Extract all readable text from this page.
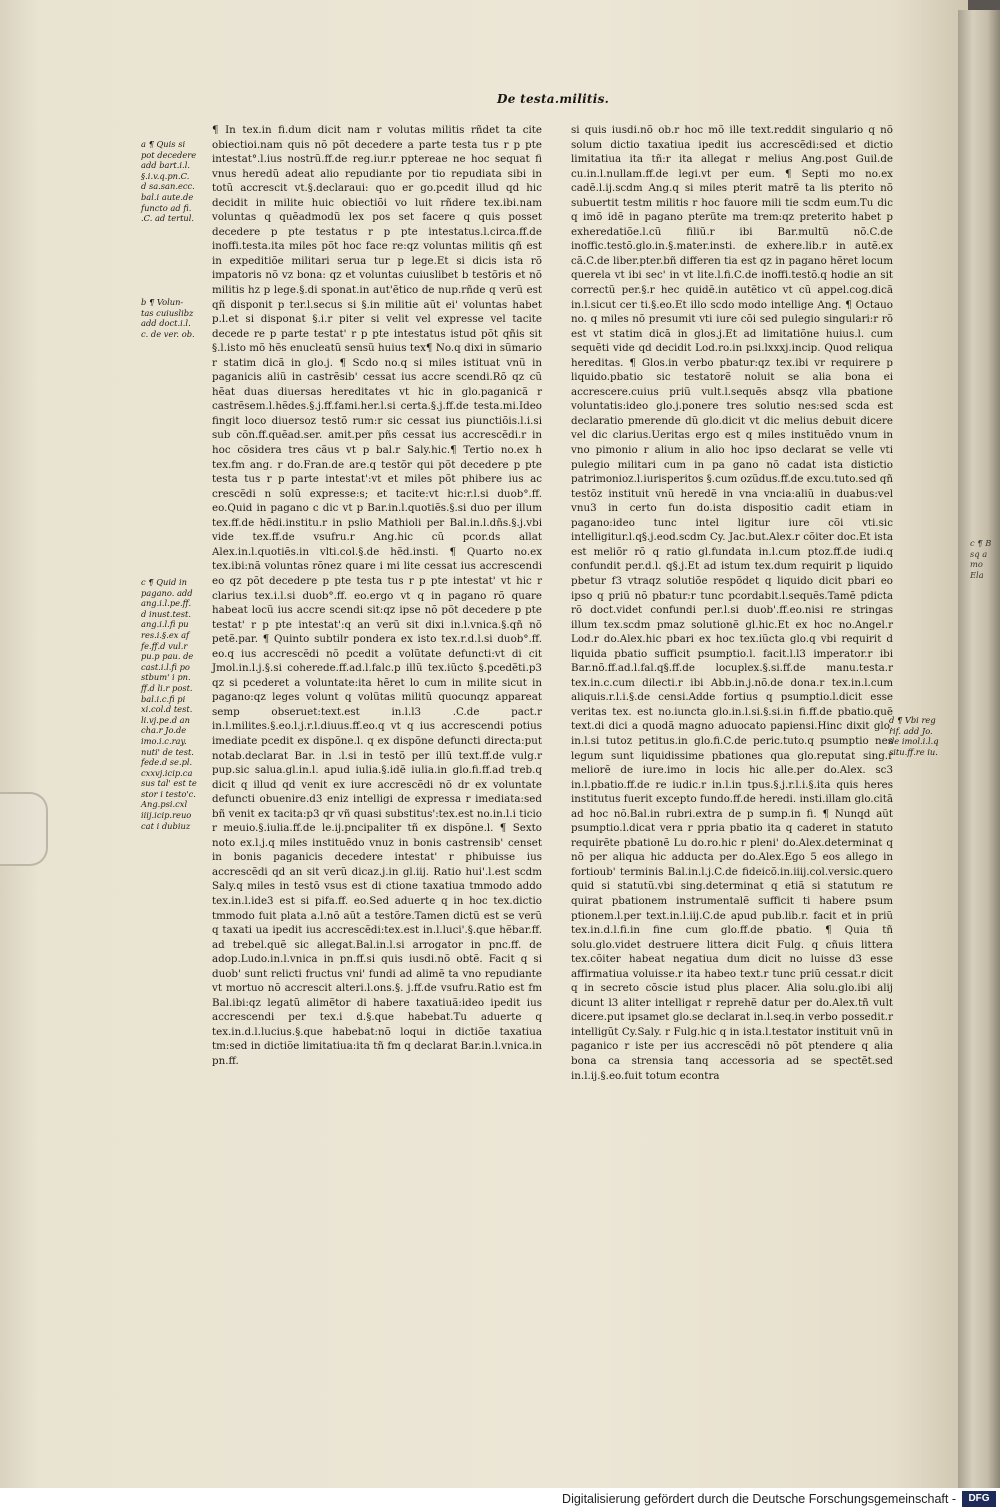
De testa.militis.
a ¶ Quis si
pot decedere
add bart.i.l.
§.i.v.q.pn.C.
d sa.san.ecc.
bal.i aute.de
functo ad fi.
.C. ad tertul.
b ¶ Volun-
tas cuiuslibz
add doct.i.l.
c. de ver. ob.
c ¶ Quid in
pagano. add
ang.i.l.pe.ff.
d inust.test.
ang.i.l.fi pu
res.i.§.ex af
fe.ff.d vul.r
pu.p pau. de
cast.i.l.fi po
stbum' i pn.
ff.d li.r post.
bal.i.c.fi pi
xi.col.d test.
li.vj.pe.d an
cha.r Jo.de
imo.i.c.ray.
nuti' de test.
fede.d se.pl.
cxxvj.icip.ca
sus tal' est te
stor i testo'c.
Ang.psi.cxl
iiij.icip.reuo
cat i dubiuz
d ¶ Vbi reg
rif. add Jo.
de imol.i.l.q
situ.ff.re iu.
c ¶ B
sq a
mo
Ela

¶ In tex.in fi.dum dicit nam r volutas militis rñdet ta cite obiectioi.nam quis nõ põt decedere a parte testa tus r p pte intestat°.l.ius nostrũ.ff.de reg.iur.r pptereae ne hoc sequat fi vnus heredũ adeat alio repudiante por tio repudiata sibi in totũ accrescit vt.§.declaraui: quo er go.pcedit illud qd hic decidit in milite huic obiectiõi vo luit rñdere tex.ibi.nam voluntas q quẽadmodũ lex pos set facere q quis posset decedere p pte testatus r p pte intestatus.l.circa.ff.de inoffi.testa.ita miles põt hoc face re:qz voluntas militis qñ est in expeditiõe militari serua tur p lege.Et si dicis ista rõ impatoris nõ vz bona: qz et voluntas cuiuslibet b testõris et nõ militis hz p lege.§.di sponat.in aut'ẽtico de nup.rñde q verũ est qñ disponit p ter.l.secus si §.in militie aũt ei' voluntas habet p.l.et si disponat §.i.r piter si velit vel expresse vel tacite decede re p parte testat' r p pte intestatus istud põt qñis sit §.l.isto mõ hẽs enucleatũ sensũ huius tex¶ No.q dixi in sũmario r statim dicã in glo.j. ¶ Scdo no.q si miles istituat vnũ in paganicis aliũ in castrẽsib' cessat ius accre scendi.Rõ qz cũ hẽat duas diuersas hereditates vt hic in glo.paganicã r castrẽsem.l.hẽdes.§.j.ff.fami.her.l.si certa.§.j.ff.de testa.mi.Ideo fingit loco diuersoz testõ rum:r sic cessat ius piunctiõis.l.i.si sub cõn.ff.quẽad.ser. amit.per pñs cessat ius accrescẽdi.r in hoc cõsidera tres cãus vt p bal.r Saly.hic.¶ Tertio no.ex h tex.fm ang. r do.Fran.de are.q testõr qui põt decedere p pte testa tus r p parte intestat':vt et miles põt phibere ius ac crescẽdi n solũ expresse:s; et tacite:vt hic:r.l.si duob°.ff. eo.Quid in pagano c dic vt p Bar.in.l.quotiẽs.§.si duo per illum tex.ff.de hẽdi.institu.r in pslio Mathioli per Bal.in.l.dñs.§.j.vbi vide tex.ff.de vsufru.r Ang.hic cũ pcor.ds allat Alex.in.l.quotiẽs.in vlti.col.§.de hẽd.insti. ¶ Quarto no.ex tex.ibi:nã voluntas rõnez quare i mi lite cessat ius accrescendi eo qz põt decedere p pte testa tus r p pte intestat' vt hic r clarius tex.i.l.si duob°.ff. eo.ergo vt q in pagano rõ quare habeat locũ ius accre scendi sit:qz ipse nõ põt decedere p pte testat' r p pte intestat':q an verũ sit dixi in.l.vnica.§.qñ nõ petẽ.par. ¶ Quinto subtilr pondera ex isto tex.r.d.l.si duob°.ff. eo.q ius accrescẽdi nõ pcedit a volũtate defuncti:vt di cit Jmol.in.l.j.§.si coherede.ff.ad.l.falc.p illũ tex.iũcto §.pcedẽti.p3 qz si pcederet a voluntate:ita hẽret lo cum in milite sicut in pagano:qz leges volunt q volũtas militũ quocunqz appareat semp obseruet:text.est in.l.l3 .C.de pact.r in.l.milites.§.eo.l.j.r.l.diuus.ff.eo.q vt q ius accrescendi potius imediate pcedit ex dispõne.l. q ex dispõne defuncti directa:put notab.declarat Bar. in .l.si in testõ per illũ text.ff.de vulg.r pup.sic salua.gl.in.l. apud iulia.§.idẽ iulia.in glo.fi.ff.ad treb.q dicit q illud qd venit ex iure accrescẽdi nõ dr ex voluntate defuncti obuenire.d3 eniz intelligi de expressa r imediata:sed bñ venit ex tacita:p3 qr vñ quasi substitus':tex.est no.in.l.i ticio r meuio.§.iulia.ff.de le.ij.pncipaliter tñ ex dispõne.l. ¶ Sexto noto ex.l.j.q miles instituẽdo vnuz in bonis castrensib' censet in bonis paganicis decedere intestat' r phibuisse ius accrescẽdi qd an sit verũ dicaz.j.in gl.iij. Ratio hui'.l.est scdm Saly.q miles in testõ vsus est di ctione taxatiua tmmodo addo tex.in.l.ide3 est si pifa.ff. eo.Sed aduerte q in hoc tex.dictio tmmodo fuit plata a.l.nõ aũt a testõre.Tamen dictũ est se verũ q taxati ua ipedit ius accrescẽdi:tex.est in.l.luci'.§.que hẽbar.ff. ad trebel.quẽ sic allegat.Bal.in.l.si arrogator in pnc.ff. de adop.Ludo.in.l.vnica in pn.ff.si quis iusdi.nõ obtẽ. Facit q si duob' sunt relicti fructus vni' fundi ad alimẽ ta vno repudiante vt mortuo nõ accrescit alteri.l.ons.§. j.ff.de vsufru.Ratio est fm Bal.ibi:qz legatũ alimẽtor di habere taxatiuã:ideo ipedit ius accrescendi per tex.i d.§.que habebat.Tu aduerte q tex.in.d.l.lucius.§.que habebat:nõ loqui in dictiõe taxatiua tm:sed in dictiõe limitatiua:ita tñ fm q declarat Bar.in.l.vnica.in pn.ff.

si quis iusdi.nõ ob.r hoc mõ ille text.reddit singulario q nõ solum dictio taxatiua ipedit ius accrescẽdi:sed et dictio limitatiua ita tñ:r ita allegat r melius Ang.post Guil.de cu.in.l.nullam.ff.de legi.vt per eum. ¶ Septi mo no.ex cadẽ.l.ij.scdm Ang.q si miles pterit matrẽ ta lis pterito nõ subuertit testm militis r hoc fauore mili tie scdm eum.Tu dic q imõ idẽ in pagano pterũte ma trem:qz preterito habet p exheredatiõe.l.cũ filiũ.r ibi Bar.multũ nõ.C.de inoffic.testõ.glo.in.§.mater.insti. de exhere.lib.r in autẽ.ex cã.C.de liber.pter.bñ differen tia est qz in pagano hẽret locum querela vt ibi sec' in vt lite.l.fi.C.de inoffi.testõ.q hodie an sit correctũ per.§.r hec quidẽ.in autẽtico vt cũ appel.cog.dicã in.l.sicut cer ti.§.eo.Et illo scdo modo intellige Ang. ¶ Octauo no. q miles nõ presumit vti iure cõi sed pulegio singulari:r rõ est vt statim dicã in glos.j.Et ad limitatiõne huius.l. cum sequẽti vide qd decidit Lod.ro.in psi.lxxxj.incip. Quod reliqua hereditas. ¶ Glos.in verbo pbatur:qz tex.ibi vr requirere p liquido.pbatio sic testatorẽ noluit se alia bona ei accrescere.cuius priũ vult.l.sequẽs absqz vlla pbatione voluntatis:ideo glo.j.ponere tres solutio nes:sed scda est declaratio pmerende dũ glo.dicit vt dic melius debuit dicere vel dic clarius.Ueritas ergo est q miles instituẽdo vnum in vno pimonio r alium in alio hoc ipso declarat se velle vti pulegio militari cum in pa gano nõ cadat ista distictio patrimonioz.l.iurisperitos §.cum ozũdus.ff.de excu.tuto.sed qñ testõz instituit vnũ heredẽ in vna vncia:aliũ in duabus:vel vnu3 in certo fun do.ista dispositio cadit etiam in pagano:ideo tunc intel ligitur iure cõi vti.sic intelligitur.l.q§.j.eod.scdm Cy. Jac.but.Alex.r cõiter doc.Et ista est meliõr rõ q ratio gl.fundata in.l.cum ptoz.ff.de iudi.q confundit per.d.l. q§.j.Et ad istum tex.dum requirit p liquido pbetur f3 vtraqz solutiõe respõdet q liquido dicit pbari eo ipso q priũ nõ pbatur:r tunc pcordabit.l.sequẽs.Tamẽ pdicta rõ doct.videt confundi per.l.si duob'.ff.eo.nisi re stringas illum tex.scdm pmaz solutionẽ gl.hic.Et ex hoc no.Angel.r Lod.r do.Alex.hic pbari ex hoc tex.iũcta glo.q vbi requirit d liquida pbatio sufficit psumptio.l. facit.l.l3 imperator.r ibi Bar.nõ.ff.ad.l.fal.q§.ff.de locuplex.§.si.ff.de manu.testa.r tex.in.c.cum dilecti.r ibi Abb.in.j.nõ.de dona.r tex.in.l.cum aliquis.r.l.i.§.de censi.Adde fortius q psumptio.l.dicit esse veritas tex. est no.iuncta glo.in.l.si.§.si.in fi.ff.de pbatio.quẽ text.di dici a quodã magno aduocato papiensi.Hinc dixit glo. in.l.si tutoz petitus.in glo.fi.C.de peric.tuto.q psumptio nes legum sunt liquidissime pbationes qua glo.reputat sing.r meliorẽ de iure.imo in locis hic alle.per do.Alex. sc3 in.l.pbatio.ff.de re iudic.r in.l.in tpus.§.j.r.l.i.§.ita quis heres institutus fuerit excepto fundo.ff.de heredi. insti.illam glo.citã ad hoc nõ.Bal.in rubri.extra de p sump.in fi. ¶ Nunqd aũt psumptio.l.dicat vera r ppria pbatio ita q caderet in statuto requirẽte pbationẽ Lu do.ro.hic r pleni' do.Alex.determinat q nõ per aliqua hic adducta per do.Alex.Ego 5 eos allego in fortioub' terminis Bal.in.l.j.C.de fideicõ.in.iiij.col.versic.quero quid si statutũ.vbi sing.determinat q etiã si statutum re quirat pbationem instrumentalẽ sufficit ti habere psum ptionem.l.per text.in.l.iij.C.de apud pub.lib.r. facit et in priũ tex.in.d.l.fi.in fine cum glo.ff.de pbatio. ¶ Quia tñ solu.glo.videt destruere littera dicit Fulg. q cñuis littera tex.cõiter habeat negatiua dum dicit no luisse d3 esse affirmatiua voluisse.r ita habeo text.r tunc priũ cessat.r dicit q in secreto cõscie istud plus placer. Alia solu.glo.ibi alij dicunt l3 aliter intelligat r reprehẽ datur per do.Alex.tñ vult dicere.put ipsamet glo.se declarat in.l.seq.in verbo possedit.r intelligũt Cy.Saly. r Fulg.hic q in ista.l.testator instituit vnũ in paganico r iste per ius accrescẽdi nõ põt ptendere q alia bona ca strensia tanq accessoria ad se spectẽt.sed in.l.ij.§.eo.fuit totum econtra

Digitalisierung gefördert durch die Deutsche Forschungsgemeinschaft -	DFG
